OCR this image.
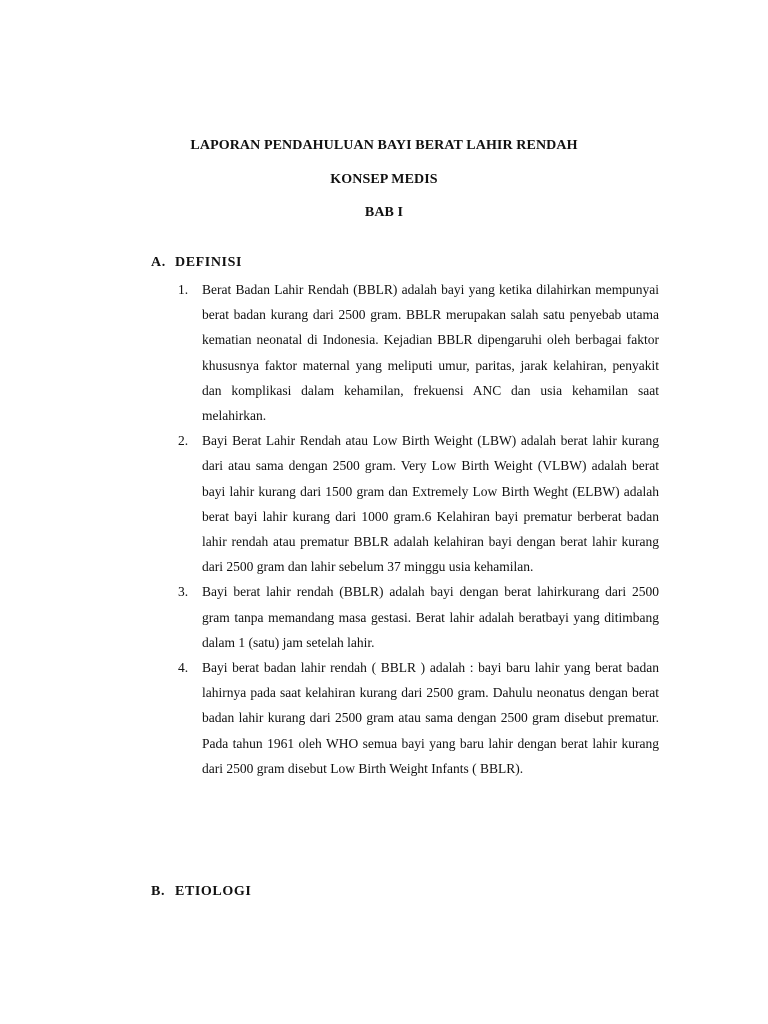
LAPORAN PENDAHULUAN BAYI BERAT LAHIR RENDAH
KONSEP MEDIS
BAB I
A. DEFINISI
1. Berat Badan Lahir Rendah (BBLR) adalah bayi yang ketika dilahirkan mempunyai berat badan kurang dari 2500 gram. BBLR merupakan salah satu penyebab utama kematian neonatal di Indonesia. Kejadian BBLR dipengaruhi oleh berbagai faktor khususnya faktor maternal yang meliputi umur, paritas, jarak kelahiran, penyakit dan komplikasi dalam kehamilan, frekuensi ANC dan usia kehamilan saat melahirkan.
2. Bayi Berat Lahir Rendah atau Low Birth Weight (LBW) adalah berat lahir kurang dari atau sama dengan 2500 gram. Very Low Birth Weight (VLBW) adalah berat bayi lahir kurang dari 1500 gram dan Extremely Low Birth Weght (ELBW) adalah berat bayi lahir kurang dari 1000 gram.6 Kelahiran bayi prematur berberat badan lahir rendah atau prematur BBLR adalah kelahiran bayi dengan berat lahir kurang dari 2500 gram dan lahir sebelum 37 minggu usia kehamilan.
3. Bayi berat lahir rendah (BBLR) adalah bayi dengan berat lahirkurang dari 2500 gram tanpa memandang masa gestasi. Berat lahir adalah beratbayi yang ditimbang dalam 1 (satu) jam setelah lahir.
4. Bayi berat badan lahir rendah ( BBLR ) adalah : bayi baru lahir yang berat badan lahirnya pada saat kelahiran kurang dari 2500 gram. Dahulu neonatus dengan berat badan lahir kurang dari 2500 gram atau sama dengan 2500 gram disebut prematur. Pada tahun 1961 oleh WHO semua bayi yang baru lahir dengan berat lahir kurang dari 2500 gram disebut Low Birth Weight Infants ( BBLR).
B. ETIOLOGI
